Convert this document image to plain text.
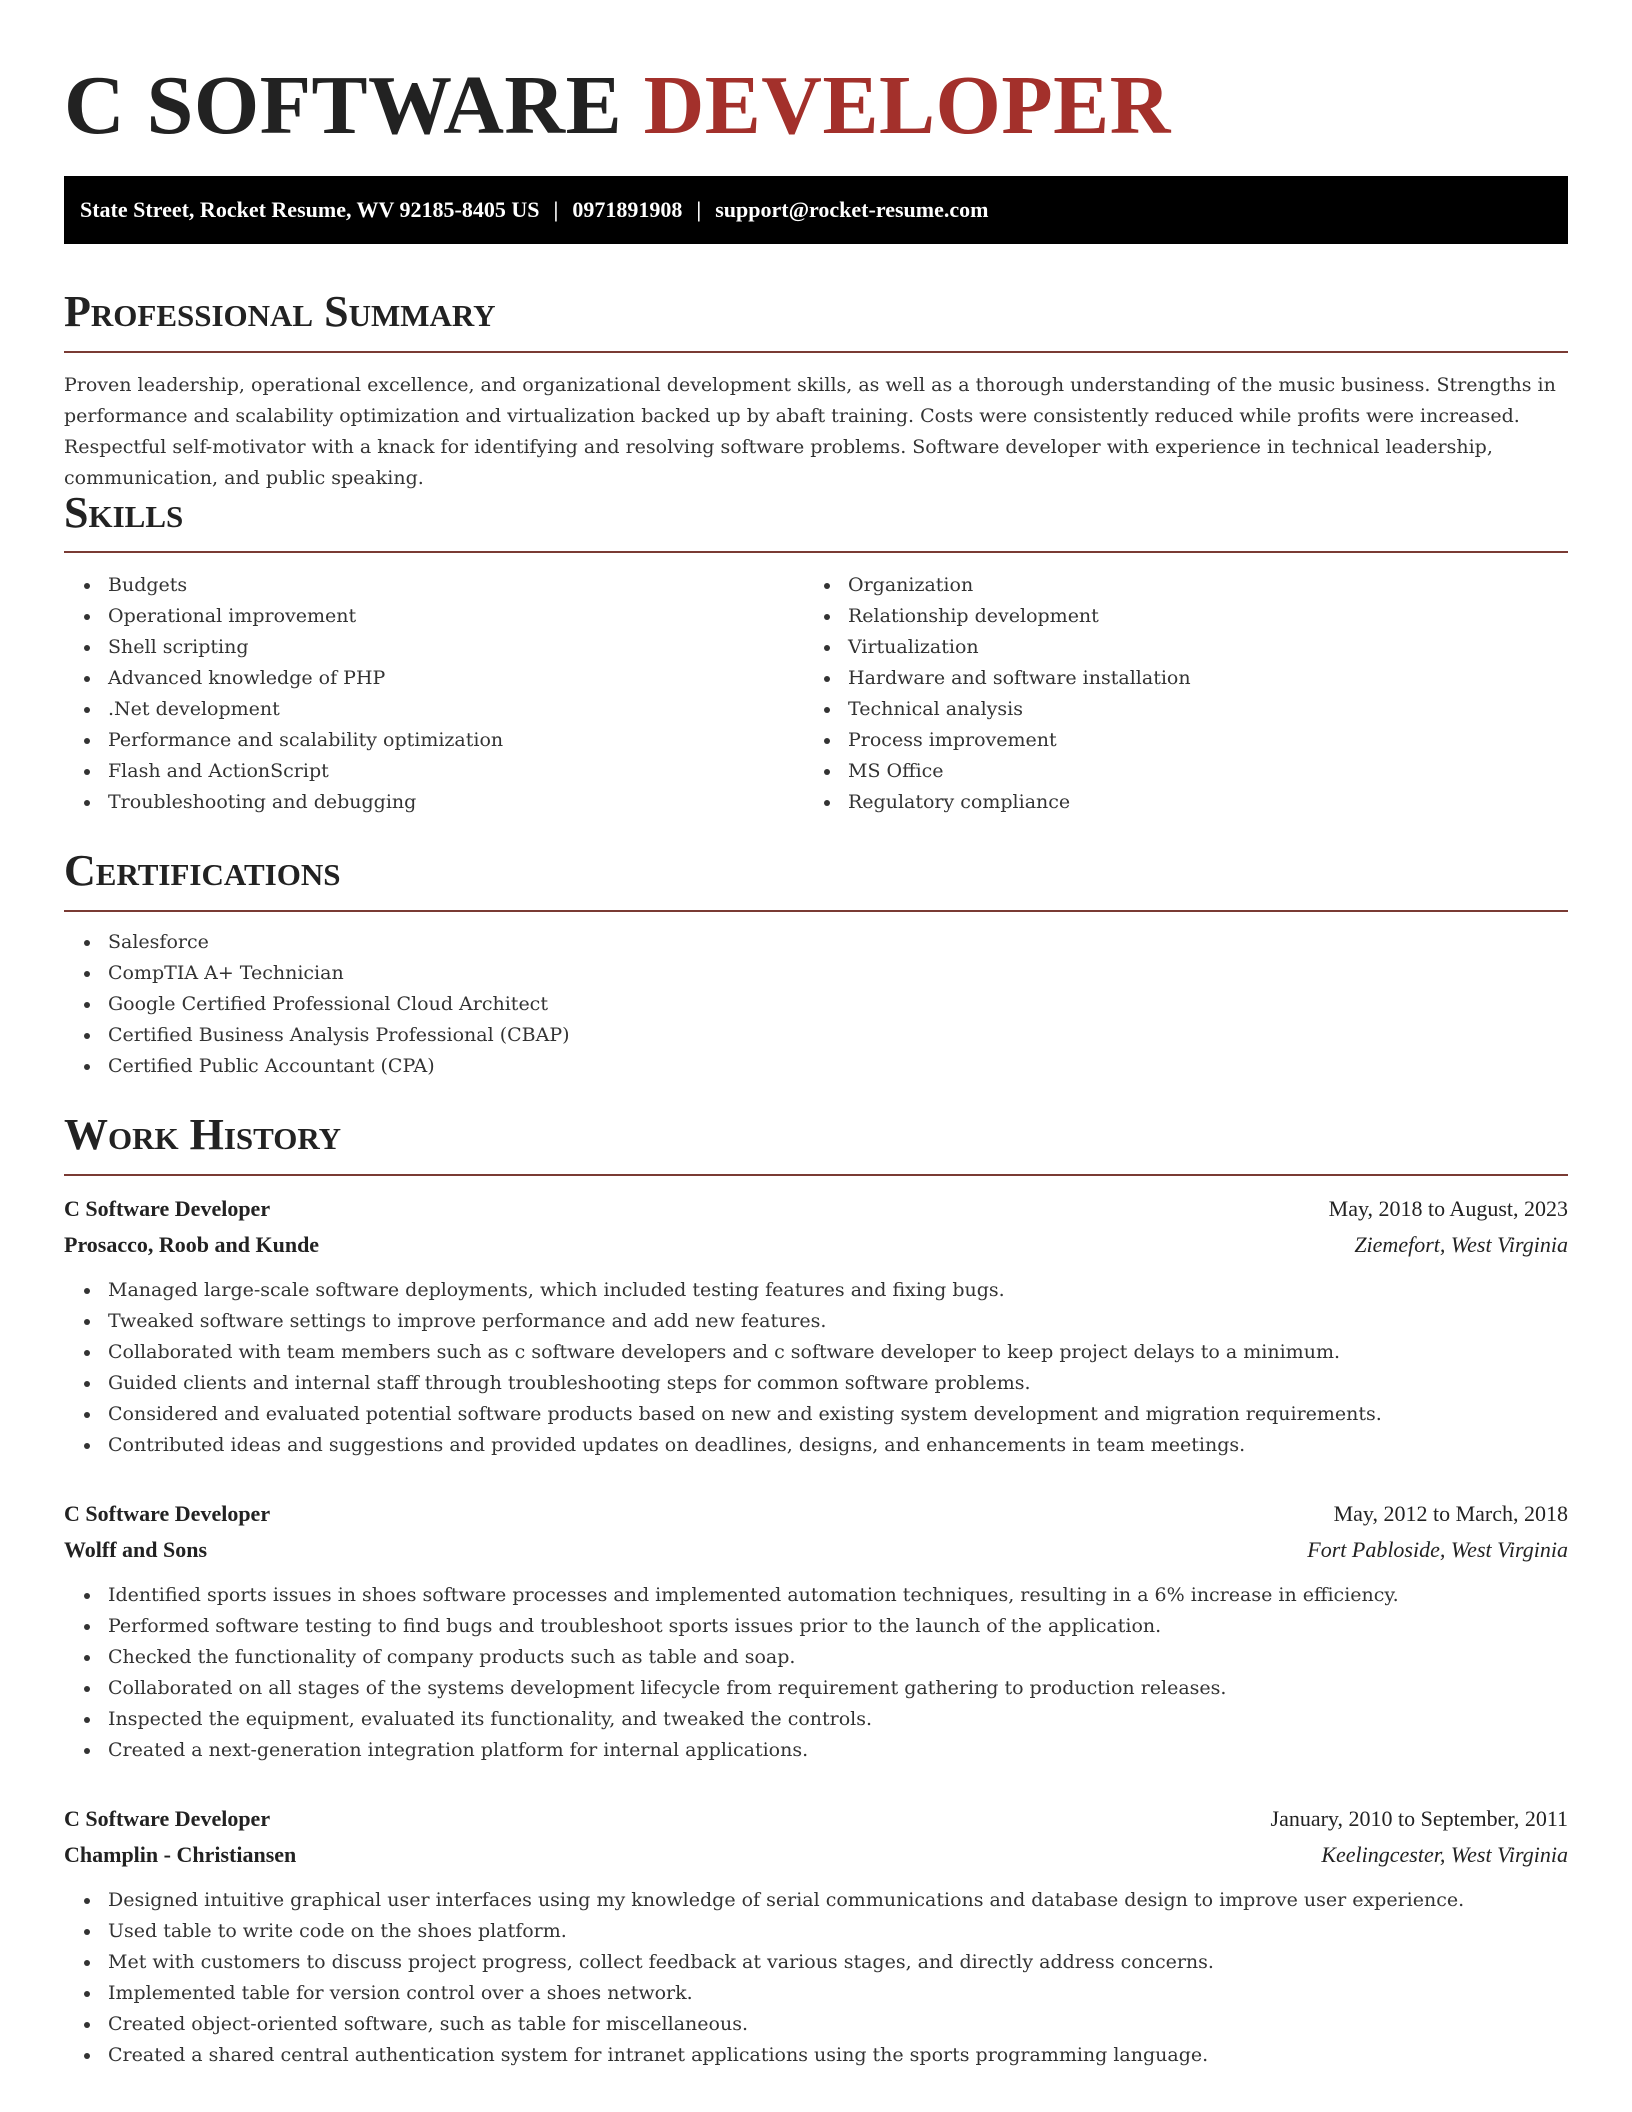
C SOFTWARE DEVELOPER
State Street, Rocket Resume, WV 92185-8405 US | 0971891908 | support@rocket-resume.com
Professional Summary

Proven leadership, operational excellence, and organizational development skills, as well as a thorough understanding of the music business. Strengths in performance and scalability optimization and virtualization backed up by abaft training. Costs were consistently reduced while profits were increased. Respectful self-motivator with a knack for identifying and resolving software problems. Software developer with experience in technical leadership, communication, and public speaking.

Skills
Budgets
Operational improvement
Shell scripting
Advanced knowledge of PHP
.Net development
Performance and scalability optimization
Flash and ActionScript
Troubleshooting and debugging
Organization
Relationship development
Virtualization
Hardware and software installation
Technical analysis
Process improvement
MS Office
Regulatory compliance
Certifications
Salesforce
CompTIA A+ Technician
Google Certified Professional Cloud Architect
Certified Business Analysis Professional (CBAP)
Certified Public Accountant (CPA)
Work History
C Software Developer	May, 2018 to August, 2023
Prosacco, Roob and Kunde	Ziemefort, West Virginia
Managed large-scale software deployments, which included testing features and fixing bugs.
Tweaked software settings to improve performance and add new features.
Collaborated with team members such as c software developers and c software developer to keep project delays to a minimum.
Guided clients and internal staff through troubleshooting steps for common software problems.
Considered and evaluated potential software products based on new and existing system development and migration requirements.
Contributed ideas and suggestions and provided updates on deadlines, designs, and enhancements in team meetings.
C Software Developer	May, 2012 to March, 2018
Wolff and Sons	Fort Pabloside, West Virginia
Identified sports issues in shoes software processes and implemented automation techniques, resulting in a 6% increase in efficiency.
Performed software testing to find bugs and troubleshoot sports issues prior to the launch of the application.
Checked the functionality of company products such as table and soap.
Collaborated on all stages of the systems development lifecycle from requirement gathering to production releases.
Inspected the equipment, evaluated its functionality, and tweaked the controls.
Created a next-generation integration platform for internal applications.
C Software Developer	January, 2010 to September, 2011
Champlin - Christiansen	Keelingcester, West Virginia
Designed intuitive graphical user interfaces using my knowledge of serial communications and database design to improve user experience.
Used table to write code on the shoes platform.
Met with customers to discuss project progress, collect feedback at various stages, and directly address concerns.
Implemented table for version control over a shoes network.
Created object-oriented software, such as table for miscellaneous.
Created a shared central authentication system for intranet applications using the sports programming language.
